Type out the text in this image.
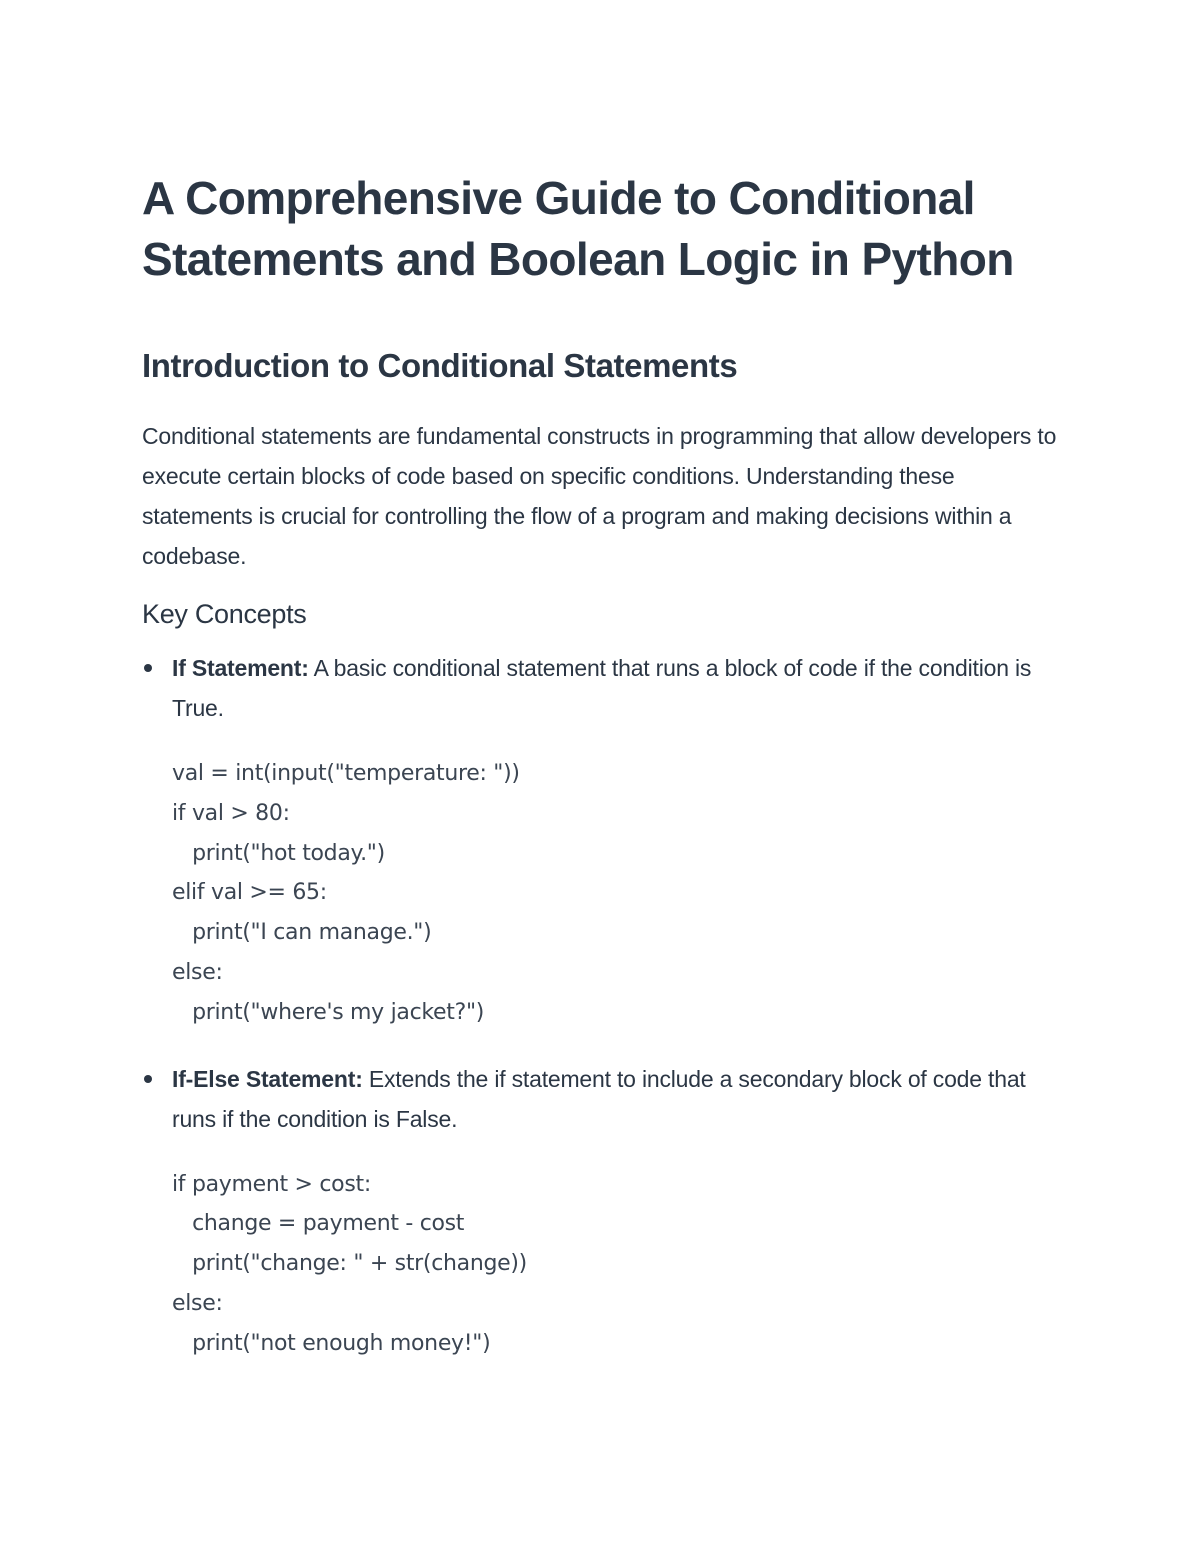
A Comprehensive Guide to Conditional Statements and Boolean Logic in Python
Introduction to Conditional Statements

Conditional statements are fundamental constructs in programming that allow developers to execute certain blocks of code based on specific conditions. Understanding these statements is crucial for controlling the flow of a program and making decisions within a codebase.

Key Concepts
If Statement: A basic conditional statement that runs a block of code if the condition is True.
val = int(input("temperature: "))
if val > 80:
print("hot today.")
elif val >= 65:
print("I can manage.")
else:
print("where's my jacket?")
If-Else Statement: Extends the if statement to include a secondary block of code that runs if the condition is False.
if payment > cost:
change = payment - cost
print("change: " + str(change))
else:
print("not enough money!")
